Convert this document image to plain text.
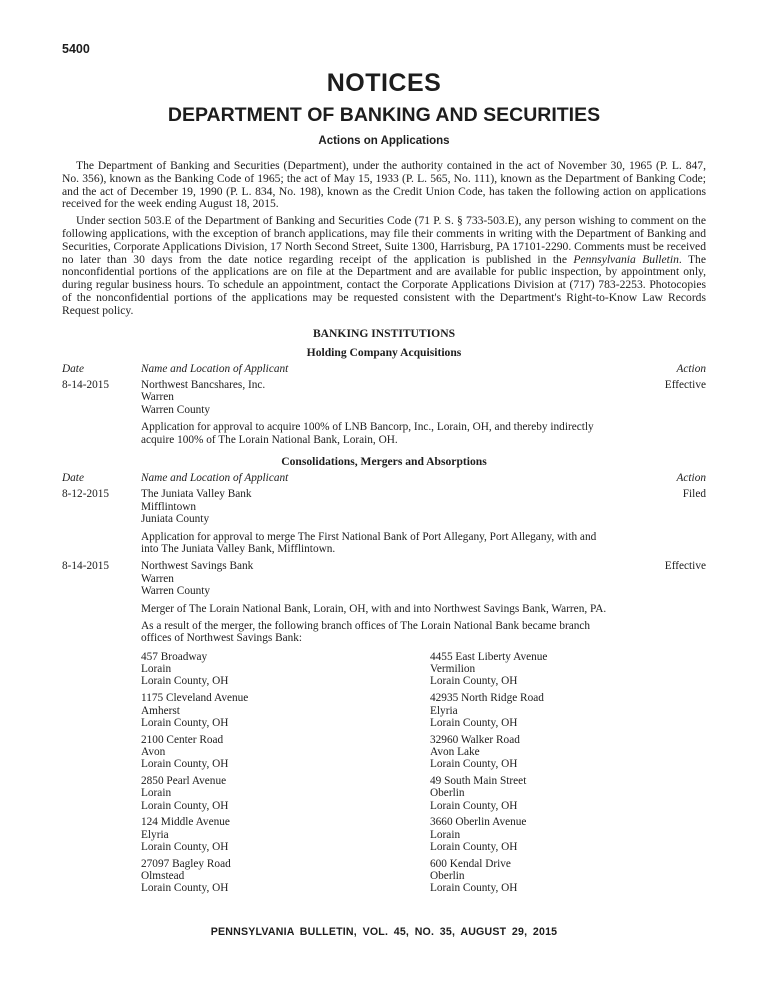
5400
NOTICES
DEPARTMENT OF BANKING AND SECURITIES
Actions on Applications

The Department of Banking and Securities (Department), under the authority contained in the act of November 30, 1965 (P. L. 847, No. 356), known as the Banking Code of 1965; the act of May 15, 1933 (P. L. 565, No. 111), known as the Department of Banking Code; and the act of December 19, 1990 (P. L. 834, No. 198), known as the Credit Union Code, has taken the following action on applications received for the week ending August 18, 2015.

Under section 503.E of the Department of Banking and Securities Code (71 P. S. § 733-503.E), any person wishing to comment on the following applications, with the exception of branch applications, may file their comments in writing with the Department of Banking and Securities, Corporate Applications Division, 17 North Second Street, Suite 1300, Harrisburg, PA 17101-2290. Comments must be received no later than 30 days from the date notice regarding receipt of the application is published in the Pennsylvania Bulletin. The nonconfidential portions of the applications are on file at the Department and are available for public inspection, by appointment only, during regular business hours. To schedule an appointment, contact the Corporate Applications Division at (717) 783-2253. Photocopies of the nonconfidential portions of the applications may be requested consistent with the Department's Right-to-Know Law Records Request policy.

BANKING INSTITUTIONS
Holding Company Acquisitions
Date	Name and Location of Applicant	Action
8-14-2015	Northwest Bancshares, Inc.
Warren
Warren County
Effective
Application for approval to acquire 100% of LNB Bancorp, Inc., Lorain, OH, and thereby indirectly acquire 100% of The Lorain National Bank, Lorain, OH.
Consolidations, Mergers and Absorptions
Date	Name and Location of Applicant	Action
8-12-2015	The Juniata Valley Bank
Mifflintown
Juniata County
Filed
Application for approval to merge The First National Bank of Port Allegany, Port Allegany, with and into The Juniata Valley Bank, Mifflintown.
8-14-2015	Northwest Savings Bank
Warren
Warren County
Effective
Merger of The Lorain National Bank, Lorain, OH, with and into Northwest Savings Bank, Warren, PA.
As a result of the merger, the following branch offices of The Lorain National Bank became branch offices of Northwest Savings Bank:
457 Broadway
Lorain
Lorain County, OH
1175 Cleveland Avenue
Amherst
Lorain County, OH
2100 Center Road
Avon
Lorain County, OH
2850 Pearl Avenue
Lorain
Lorain County, OH
124 Middle Avenue
Elyria
Lorain County, OH
27097 Bagley Road
Olmstead
Lorain County, OH
4455 East Liberty Avenue
Vermilion
Lorain County, OH
42935 North Ridge Road
Elyria
Lorain County, OH
32960 Walker Road
Avon Lake
Lorain County, OH
49 South Main Street
Oberlin
Lorain County, OH
3660 Oberlin Avenue
Lorain
Lorain County, OH
600 Kendal Drive
Oberlin
Lorain County, OH
PENNSYLVANIA BULLETIN, VOL. 45, NO. 35, AUGUST 29, 2015
